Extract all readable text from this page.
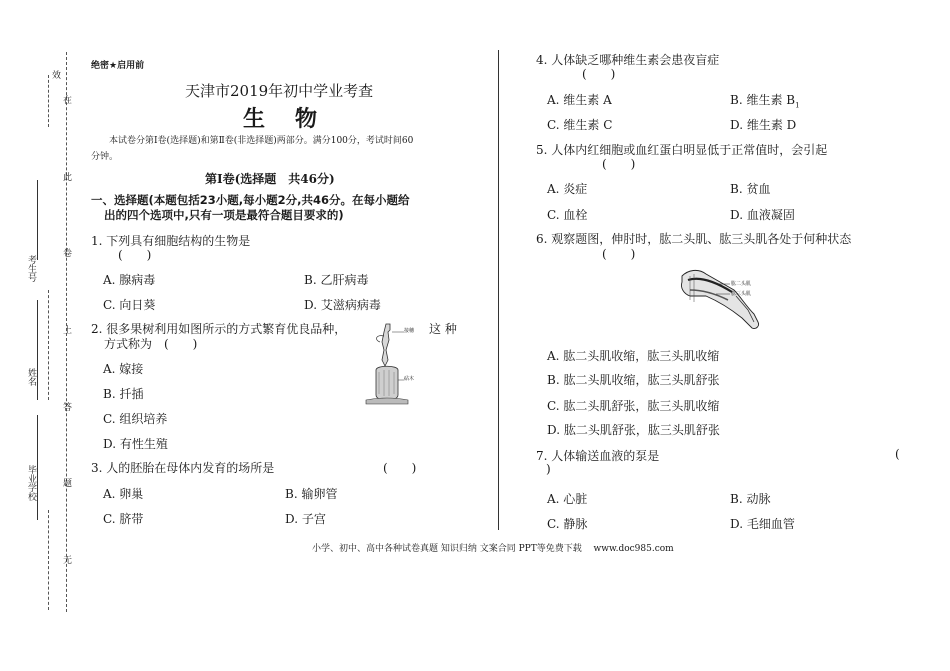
效
在
此
卷
上
答
题
无
考生号
姓名
毕业学校
绝密★启用前
天津市2019年初中学业考查
生　物
本试卷分第Ⅰ卷(选择题)和第Ⅱ卷(非选择题)两部分。满分100分，考试时间60
分钟。
第Ⅰ卷(选择题　共46分)
一、选择题(本题包括23小题,每小题2分,共46分。在每小题给
出的四个选项中,只有一项是最符合题目要求的)
1. 下列具有细胞结构的生物是
(　　)
A. 腺病毒	B. 乙肝病毒
C. 向日葵	D. 艾滋病病毒
2. 很多果树利用如图所示的方式繁育优良品种，	这 种
方式称为　(　　)
A. 嫁接
B. 扦插
C. 组织培养
D. 有性生殖
接穗
砧木
3. 人的胚胎在母体内发育的场所是	(　　)
A. 卵巢	B. 输卵管
C. 脐带	D. 子宫
4. 人体缺乏哪种维生素会患夜盲症
(　　)
A. 维生素 A	B. 维生素 $B_1$
C. 维生素 C	D. 维生素 D
5. 人体内红细胞或血红蛋白明显低于正常值时，会引起
(　　)
A. 炎症	B. 贫血
C. 血栓	D. 血液凝固
6. 观察题图，伸肘时，肱二头肌、肱三头肌各处于何种状态
(　　)
肱二头肌
肱三头肌
A. 肱二头肌收缩，肱三头肌收缩
B. 肱二头肌收缩，肱三头肌舒张
C. 肱二头肌舒张，肱三头肌收缩
D. 肱二头肌舒张，肱三头肌舒张
7. 人体输送血液的泵是	(
)
A. 心脏	B. 动脉
C. 静脉	D. 毛细血管
小学、初中、高中各种试卷真题 知识归纳 文案合同 PPT等免费下载　 www.doc985.com
